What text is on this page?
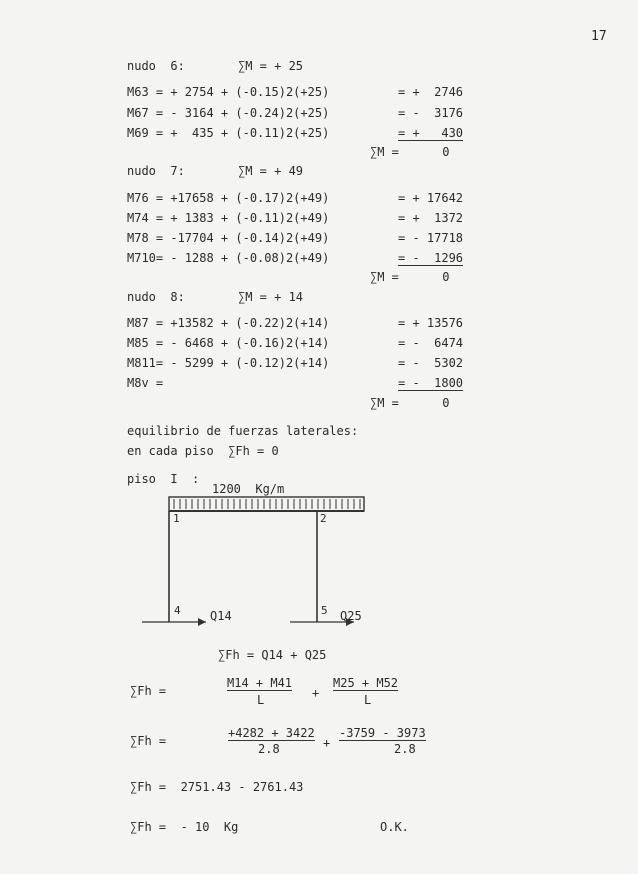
17
nudo  6:	∑M = + 25
M63 = + 2754 + (-0.15)2(+25)	= +  2746
M67 = - 3164 + (-0.24)2(+25)	= -  3176
M69 = +  435 + (-0.11)2(+25)	= +   430
∑M =      0
nudo  7:	∑M = + 49
M76 = +17658 + (-0.17)2(+49)	= + 17642
M74 = + 1383 + (-0.11)2(+49)	= +  1372
M78 = -17704 + (-0.14)2(+49)	= - 17718
M710= - 1288 + (-0.08)2(+49)	= -  1296
∑M =      0
nudo  8:	∑M = + 14
M87 = +13582 + (-0.22)2(+14)	= + 13576
M85 = - 6468 + (-0.16)2(+14)	= -  6474
M811= - 5299 + (-0.12)2(+14)	= -  5302
M8v =	= -  1800
∑M =      0
equilibrio de fuerzas laterales:
en cada piso  ∑Fh = 0
piso  I  :
1200  Kg/m
1	2
4	5
Q14	Q25
∑Fh = Q14 + Q25
∑Fh =
M14 + M41
L	+
M25 + M52
L
∑Fh =
+4282 + 3422
2.8	+
-3759 - 3973
2.8
∑Fh =  2751.43 - 2761.43
∑Fh =  - 10  Kg	O.K.
